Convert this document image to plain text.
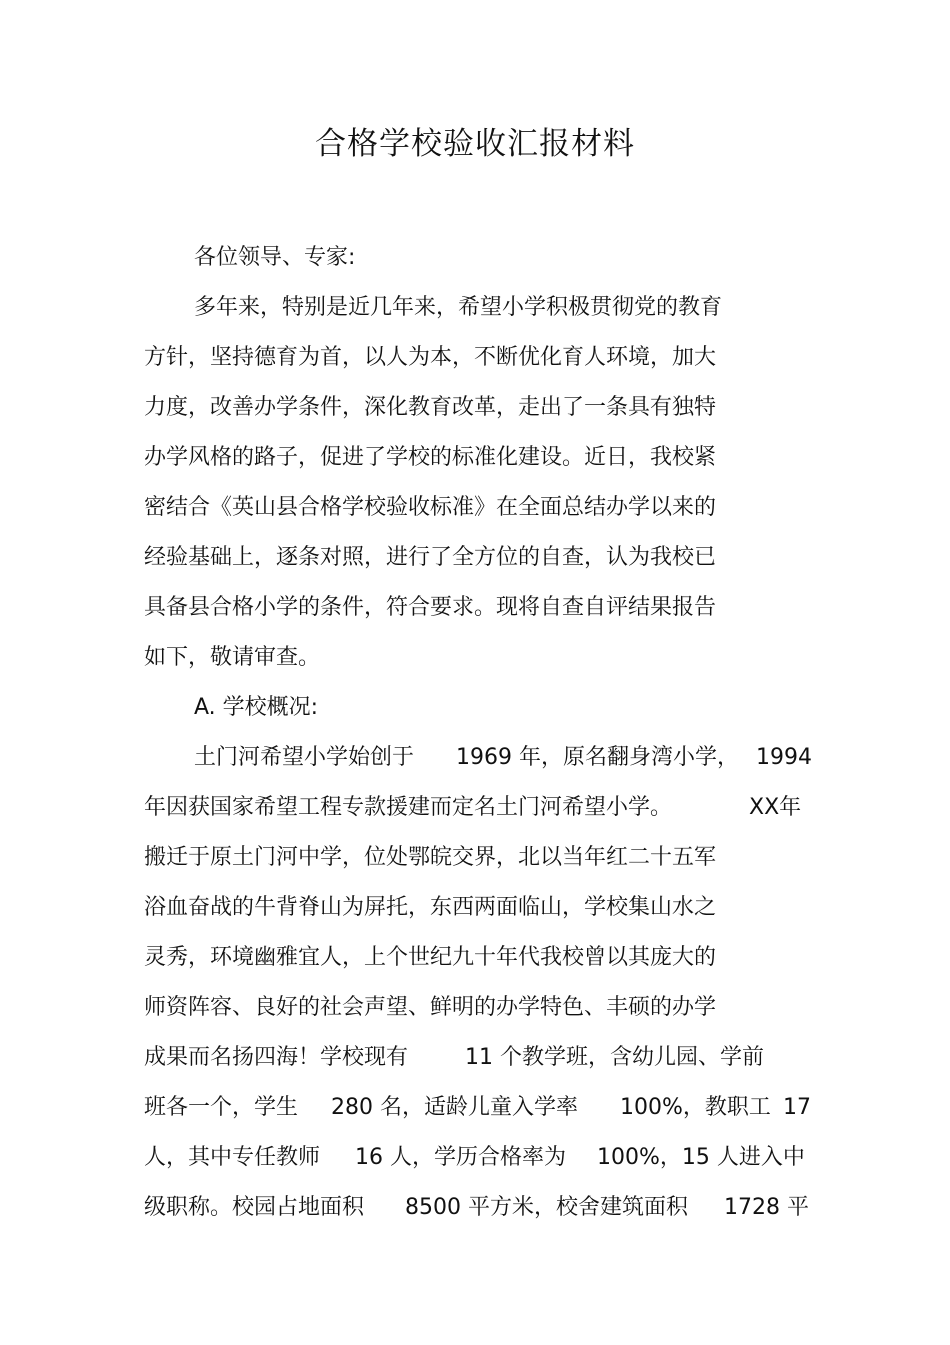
合格学校验收汇报材料
各位领导、专家:
多年来，特别是近几年来，希望小学积极贯彻党的教育
方针，坚持德育为首，以人为本，不断优化育人环境，加大
力度，改善办学条件，深化教育改革，走出了一条具有独特
办学风格的路子，促进了学校的标准化建设。近日，我校紧
密结合《英山县合格学校验收标准》在全面总结办学以来的
经验基础上，逐条对照，进行了全方位的自查，认为我校已
具备县合格小学的条件，符合要求。现将自查自评结果报告
如下，敬请审查。
A. 学校概况:
土门河希望小学始创于 1969 年，原名翻身湾小学， 1994
年因获国家希望工程专款援建而定名土门河希望小学。	XX年
搬迁于原土门河中学，位处鄂皖交界，北以当年红二十五军
浴血奋战的牛背脊山为屏托，东西两面临山，学校集山水之
灵秀，环境幽雅宜人，上个世纪九十年代我校曾以其庞大的
师资阵容、良好的社会声望、鲜明的办学特色、丰硕的办学
成果而名扬四海！学校现有	11 个教学班，含幼儿园、学前
班各一个，学生 280 名，适龄儿童入学率 100%，教职工 17
人，其中专任教师 16 人，学历合格率为 100%，15 人进入中
级职称。校园占地面积 8500 平方米，校舍建筑面积 1728 平
